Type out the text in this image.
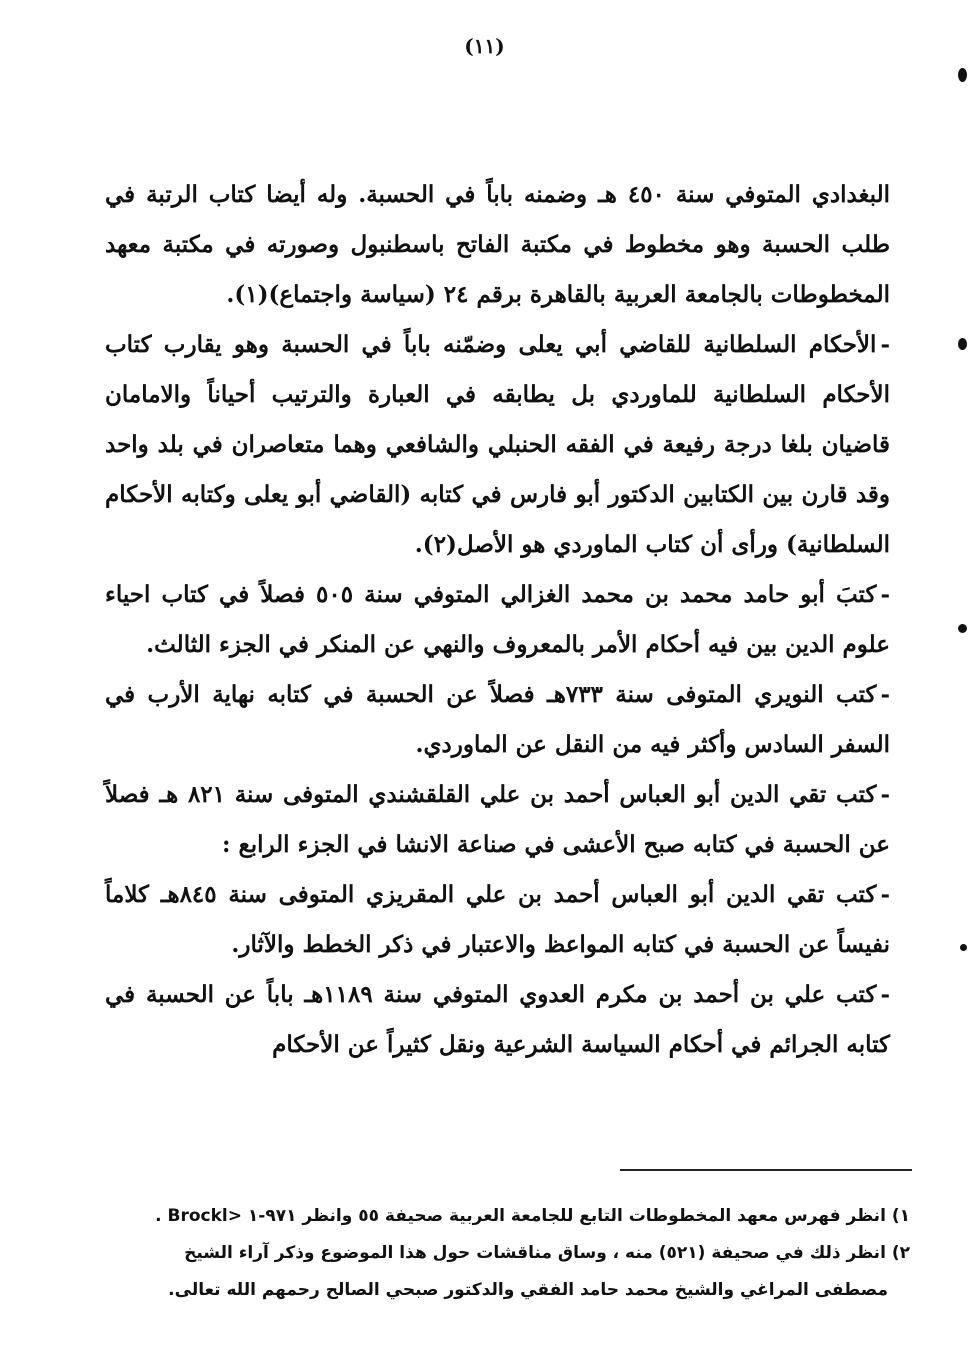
(١١)

البغدادي المتوفي سنة ٤٥٠ هـ وضمنه باباً في الحسبة. وله أيضا كتاب الرتبة في طلب الحسبة وهو مخطوط في مكتبة الفاتح باسطنبول وصورته في مكتبة معهد المخطوطات بالجامعة العربية بالقاهرة برقم ٢٤ (سياسة واجتماع)(١).

-الأحكام السلطانية للقاضي أبي يعلى وضمّنه باباً في الحسبة وهو يقارب كتاب الأحكام السلطانية للماوردي بل يطابقه في العبارة والترتيب أحياناً والامامان قاضيان بلغا درجة رفيعة في الفقه الحنبلي والشافعي وهما متعاصران في بلد واحد وقد قارن بين الكتابين الدكتور أبو فارس في كتابه (القاضي أبو يعلى وكتابه الأحكام السلطانية) ورأى أن كتاب الماوردي هو الأصل(٢).

-كتبَ أبو حامد محمد بن محمد الغزالي المتوفي سنة ٥٠٥ فصلاً في كتاب احياء علوم الدين بين فيه أحكام الأمر بالمعروف والنهي عن المنكر في الجزء الثالث.

-كتب النويري المتوفى سنة ٧٣٣هـ فصلاً عن الحسبة في كتابه نهاية الأرب في السفر السادس وأكثر فيه من النقل عن الماوردي.

-كتب تقي الدين أبو العباس أحمد بن علي القلقشندي المتوفى سنة ٨٢١ هـ فصلاً عن الحسبة في كتابه صبح الأعشى في صناعة الانشا في الجزء الرابع :

-كتب تقي الدين أبو العباس أحمد بن علي المقريزي المتوفى سنة ٨٤٥هـ كلاماً نفيساً عن الحسبة في كتابه المواعظ والاعتبار في ذكر الخطط والآثار.

-كتب علي بن أحمد بن مكرم العدوي المتوفي سنة ١١٨٩هـ باباً عن الحسبة في كتابه الجرائم في أحكام السياسة الشرعية ونقل كثيراً عن الأحكام

١) انظر فهرس معهد المخطوطات التابع للجامعة العربية صحيفة ٥٥ وانظر ٩٧١-١ <Brockl .

٢) انظر ذلك في صحيفة (٥٢١) منه ، وساق مناقشات حول هذا الموضوع وذكر آراء الشيخ

مصطفى المراغي والشيخ محمد حامد الفقي والدكتور صبحي الصالح رحمهم الله تعالى.
